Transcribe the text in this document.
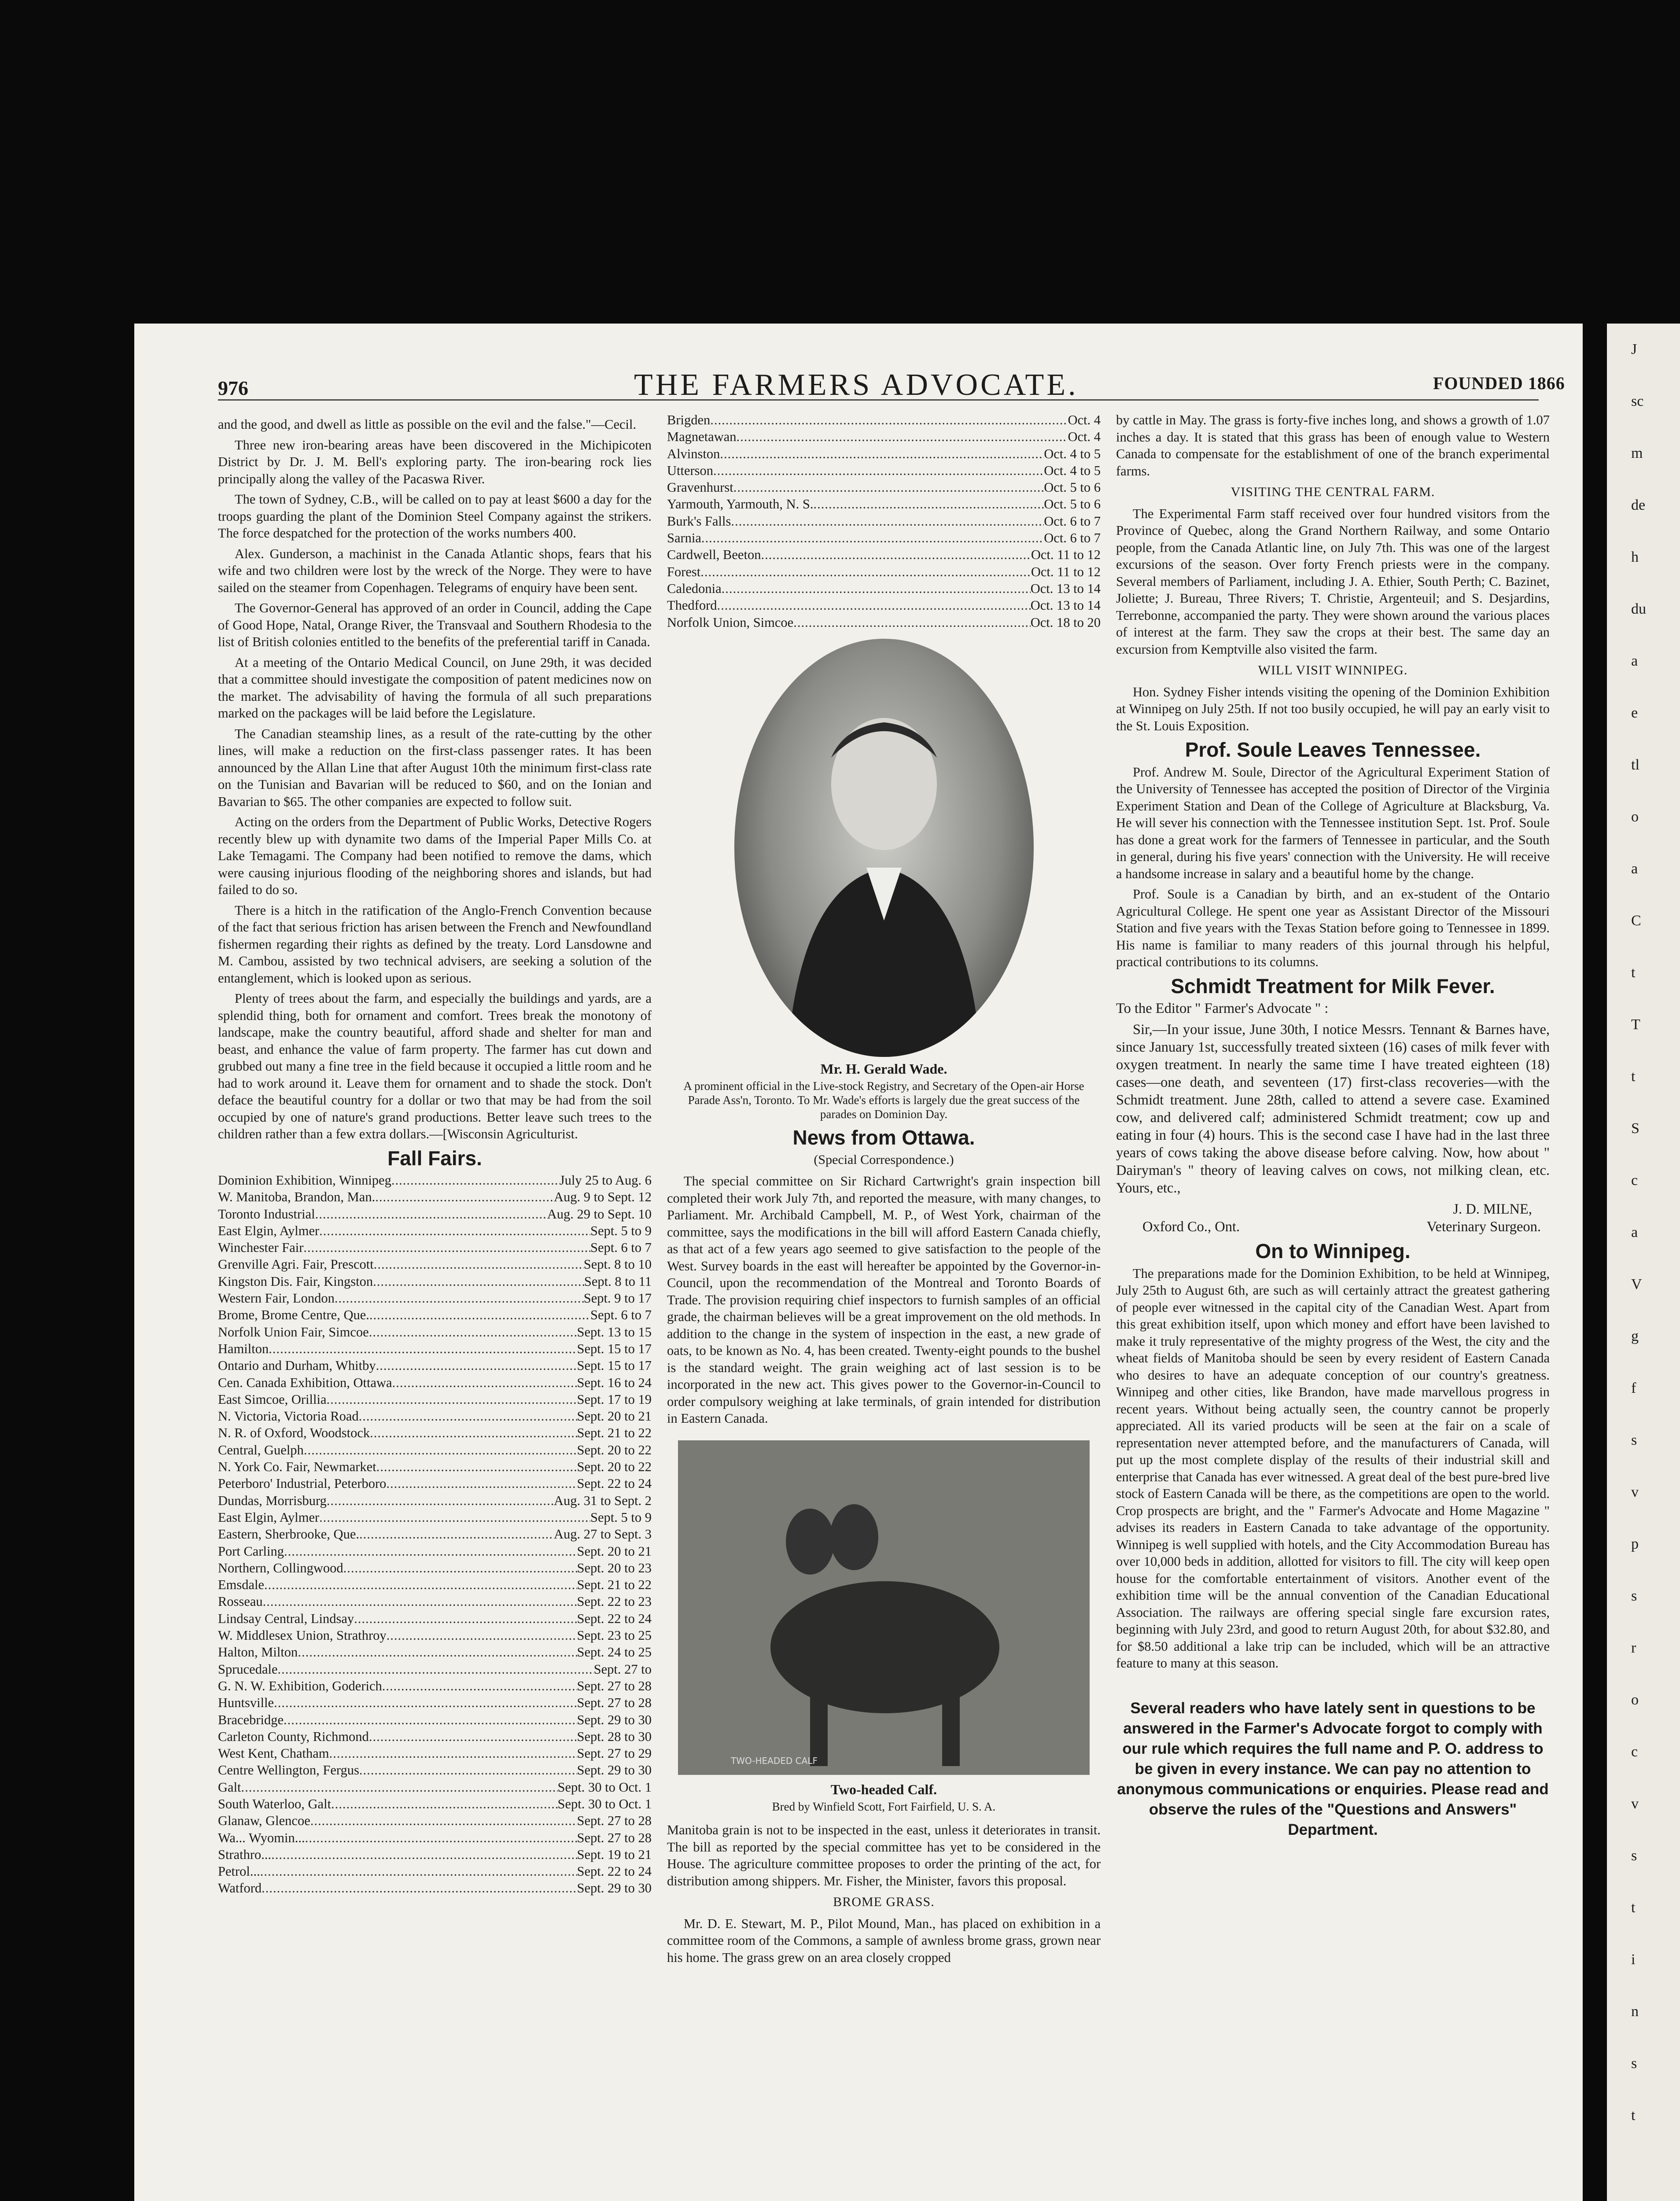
976	THE FARMERS ADVOCATE.	FOUNDED 1866

and the good, and dwell as little as possible on the evil and the false."—Cecil.

Three new iron-bearing areas have been discovered in the Michipicoten District by Dr. J. M. Bell's exploring party. The iron-bearing rock lies principally along the valley of the Pacaswa River.

The town of Sydney, C.B., will be called on to pay at least $600 a day for the troops guarding the plant of the Dominion Steel Company against the strikers. The force despatched for the protection of the works numbers 400.

Alex. Gunderson, a machinist in the Canada Atlantic shops, fears that his wife and two children were lost by the wreck of the Norge. They were to have sailed on the steamer from Copenhagen. Telegrams of enquiry have been sent.

The Governor-General has approved of an order in Council, adding the Cape of Good Hope, Natal, Orange River, the Transvaal and Southern Rhodesia to the list of British colonies entitled to the benefits of the preferential tariff in Canada.

At a meeting of the Ontario Medical Council, on June 29th, it was decided that a committee should investigate the composition of patent medicines now on the market. The advisability of having the formula of all such preparations marked on the packages will be laid before the Legislature.

The Canadian steamship lines, as a result of the rate-cutting by the other lines, will make a reduction on the first-class passenger rates. It has been announced by the Allan Line that after August 10th the minimum first-class rate on the Tunisian and Bavarian will be reduced to $60, and on the Ionian and Bavarian to $65. The other companies are expected to follow suit.

Acting on the orders from the Department of Public Works, Detective Rogers recently blew up with dynamite two dams of the Imperial Paper Mills Co. at Lake Temagami. The Company had been notified to remove the dams, which were causing injurious flooding of the neighboring shores and islands, but had failed to do so.

There is a hitch in the ratification of the Anglo-French Convention because of the fact that serious friction has arisen between the French and Newfoundland fishermen regarding their rights as defined by the treaty. Lord Lansdowne and M. Cambou, assisted by two technical advisers, are seeking a solution of the entanglement, which is looked upon as serious.

Plenty of trees about the farm, and especially the buildings and yards, are a splendid thing, both for ornament and comfort. Trees break the monotony of landscape, make the country beautiful, afford shade and shelter for man and beast, and enhance the value of farm property. The farmer has cut down and grubbed out many a fine tree in the field because it occupied a little room and he had to work around it. Leave them for ornament and to shade the stock. Don't deface the beautiful country for a dollar or two that may be had from the soil occupied by one of nature's grand productions. Better leave such trees to the children rather than a few extra dollars.—[Wisconsin Agriculturist.

Fall Fairs.
Dominion Exhibition, Winnipeg .....	July 25 to Aug. 6
W. Manitoba, Brandon, Man. .....	Aug. 9 to Sept. 12
Toronto Industrial .....	Aug. 29 to Sept. 10
East Elgin, Aylmer .....	Sept. 5 to 9
Winchester Fair .....	Sept. 6 to 7
Grenville Agri. Fair, Prescott .....	Sept. 8 to 10
Kingston Dis. Fair, Kingston .....	Sept. 8 to 11
Western Fair, London .....	Sept. 9 to 17
Brome, Brome Centre, Que. .....	Sept. 6 to 7
Norfolk Union Fair, Simcoe .....	Sept. 13 to 15
Hamilton .....	Sept. 15 to 17
Ontario and Durham, Whitby .....	Sept. 15 to 17
Cen. Canada Exhibition, Ottawa .....	Sept. 16 to 24
East Simcoe, Orillia .....	Sept. 17 to 19
N. Victoria, Victoria Road .....	Sept. 20 to 21
N. R. of Oxford, Woodstock .....	Sept. 21 to 22
Central, Guelph .....	Sept. 20 to 22
N. York Co. Fair, Newmarket .....	Sept. 20 to 22
Peterboro' Industrial, Peterboro .....	Sept. 22 to 24
Dundas, Morrisburg .....	Aug. 31 to Sept. 2
East Elgin, Aylmer .....	Sept. 5 to 9
Eastern, Sherbrooke, Que. .....	Aug. 27 to Sept. 3
Port Carling .....	Sept. 20 to 21
Northern, Collingwood .....	Sept. 20 to 23
Emsdale .....	Sept. 21 to 22
Rosseau .....	Sept. 22 to 23
Lindsay Central, Lindsay .....	Sept. 22 to 24
W. Middlesex Union, Strathroy .....	Sept. 23 to 25
Halton, Milton .....	Sept. 24 to 25
Sprucedale .....	Sept. 27 to
G. N. W. Exhibition, Goderich .....	Sept. 27 to 28
Huntsville .....	Sept. 27 to 28
Bracebridge .....	Sept. 29 to 30
Carleton County, Richmond .....	Sept. 28 to 30
West Kent, Chatham .....	Sept. 27 to 29
Centre Wellington, Fergus .....	Sept. 29 to 30
Galt .....	Sept. 30 to Oct. 1
South Waterloo, Galt .....	Sept. 30 to Oct. 1
Glanaw, Glencoe .....	Sept. 27 to 28
Wa... Wyomin... .....	Sept. 27 to 28
Strathro... .....	Sept. 19 to 21
Petrol... .....	Sept. 22 to 24
Watford .....	Sept. 29 to 30
Brigden .....	Oct. 4
Magnetawan .....	Oct. 4
Alvinston .....	Oct. 4 to 5
Utterson .....	Oct. 4 to 5
Gravenhurst .....	Oct. 5 to 6
Yarmouth, Yarmouth, N. S. .....	Oct. 5 to 6
Burk's Falls .....	Oct. 6 to 7
Sarnia .....	Oct. 6 to 7
Cardwell, Beeton .....	Oct. 11 to 12
Forest .....	Oct. 11 to 12
Caledonia .....	Oct. 13 to 14
Thedford .....	Oct. 13 to 14
Norfolk Union, Simcoe .....	Oct. 18 to 20
Mr. H. Gerald Wade.
A prominent official in the Live-stock Registry, and Secretary of the Open-air Horse Parade Ass'n, Toronto. To Mr. Wade's efforts is largely due the great success of the parades on Dominion Day.
News from Ottawa.
(Special Correspondence.)

The special committee on Sir Richard Cartwright's grain inspection bill completed their work July 7th, and reported the measure, with many changes, to Parliament. Mr. Archibald Campbell, M. P., of West York, chairman of the committee, says the modifications in the bill will afford Eastern Canada chiefly, as that act of a few years ago seemed to give satisfaction to the people of the West. Survey boards in the east will hereafter be appointed by the Governor-in-Council, upon the recommendation of the Montreal and Toronto Boards of Trade. The provision requiring chief inspectors to furnish samples of an official grade, the chairman believes will be a great improvement on the old methods. In addition to the change in the system of inspection in the east, a new grade of oats, to be known as No. 4, has been created. Twenty-eight pounds to the bushel is the standard weight. The grain weighing act of last session is to be incorporated in the new act. This gives power to the Governor-in-Council to order compulsory weighing at lake terminals, of grain intended for distribution in Eastern Canada.

TWO-HEADED CALF
Two-headed Calf.
Bred by Winfield Scott, Fort Fairfield, U. S. A.

Manitoba grain is not to be inspected in the east, unless it deteriorates in transit. The bill as reported by the special committee has yet to be considered in the House. The agriculture committee proposes to order the printing of the act, for distribution among shippers. Mr. Fisher, the Minister, favors this proposal.

BROME GRASS.

Mr. D. E. Stewart, M. P., Pilot Mound, Man., has placed on exhibition in a committee room of the Commons, a sample of awnless brome grass, grown near his home. The grass grew on an area closely cropped

by cattle in May. The grass is forty-five inches long, and shows a growth of 1.07 inches a day. It is stated that this grass has been of enough value to Western Canada to compensate for the establishment of one of the branch experimental farms.

VISITING THE CENTRAL FARM.

The Experimental Farm staff received over four hundred visitors from the Province of Quebec, along the Grand Northern Railway, and some Ontario people, from the Canada Atlantic line, on July 7th. This was one of the largest excursions of the season. Over forty French priests were in the company. Several members of Parliament, including J. A. Ethier, South Perth; C. Bazinet, Joliette; J. Bureau, Three Rivers; T. Christie, Argenteuil; and S. Desjardins, Terrebonne, accompanied the party. They were shown around the various places of interest at the farm. They saw the crops at their best. The same day an excursion from Kemptville also visited the farm.

WILL VISIT WINNIPEG.

Hon. Sydney Fisher intends visiting the opening of the Dominion Exhibition at Winnipeg on July 25th. If not too busily occupied, he will pay an early visit to the St. Louis Exposition.

Prof. Soule Leaves Tennessee.

Prof. Andrew M. Soule, Director of the Agricultural Experiment Station of the University of Tennessee has accepted the position of Director of the Virginia Experiment Station and Dean of the College of Agriculture at Blacksburg, Va. He will sever his connection with the Tennessee institution Sept. 1st. Prof. Soule has done a great work for the farmers of Tennessee in particular, and the South in general, during his five years' connection with the University. He will receive a handsome increase in salary and a beautiful home by the change.

Prof. Soule is a Canadian by birth, and an ex-student of the Ontario Agricultural College. He spent one year as Assistant Director of the Missouri Station and five years with the Texas Station before going to Tennessee in 1899. His name is familiar to many readers of this journal through his helpful, practical contributions to its columns.

Schmidt Treatment for Milk Fever.

To the Editor " Farmer's Advocate " :

Sir,—In your issue, June 30th, I notice Messrs. Tennant & Barnes have, since January 1st, successfully treated sixteen (16) cases of milk fever with oxygen treatment. In nearly the same time I have treated eighteen (18) cases—one death, and seventeen (17) first-class recoveries—with the Schmidt treatment. June 28th, called to attend a severe case. Examined cow, and delivered calf; administered Schmidt treatment; cow up and eating in four (4) hours. This is the second case I have had in the last three years of cows taking the above disease before calving. Now, how about " Dairyman's " theory of leaving calves on cows, not milking clean, etc. Yours, etc.,

J. D. MILNE,
Oxford Co., Ont.	Veterinary Surgeon.
On to Winnipeg.

The preparations made for the Dominion Exhibition, to be held at Winnipeg, July 25th to August 6th, are such as will certainly attract the greatest gathering of people ever witnessed in the capital city of the Canadian West. Apart from this great exhibition itself, upon which money and effort have been lavished to make it truly representative of the mighty progress of the West, the city and the wheat fields of Manitoba should be seen by every resident of Eastern Canada who desires to have an adequate conception of our country's greatness. Winnipeg and other cities, like Brandon, have made marvellous progress in recent years. Without being actually seen, the country cannot be properly appreciated. All its varied products will be seen at the fair on a scale of representation never attempted before, and the manufacturers of Canada, will put up the most complete display of the results of their industrial skill and enterprise that Canada has ever witnessed. A great deal of the best pure-bred live stock of Eastern Canada will be there, as the competitions are open to the world. Crop prospects are bright, and the " Farmer's Advocate and Home Magazine " advises its readers in Eastern Canada to take advantage of the opportunity. Winnipeg is well supplied with hotels, and the City Accommodation Bureau has over 10,000 beds in addition, allotted for visitors to fill. The city will keep open house for the comfortable entertainment of visitors. Another event of the exhibition time will be the annual convention of the Canadian Educational Association. The railways are offering special single fare excursion rates, beginning with July 23rd, and good to return August 20th, for about $32.80, and for $8.50 additional a lake trip can be included, which will be an attractive feature to many at this season.

Several readers who have lately sent in questions to be answered in the Farmer's Advocate forgot to comply with our rule which requires the full name and P. O. address to be given in every instance. We can pay no attention to anonymous communications or enquiries. Please read and observe the rules of the "Questions and Answers" Department.
J
sc
m
de
h
du
a
e
tl
o
a
C
t
T
t
S
c
a
V
g
f
s
v
p
s
r
o
c
v
s
t
i
n
s
t
